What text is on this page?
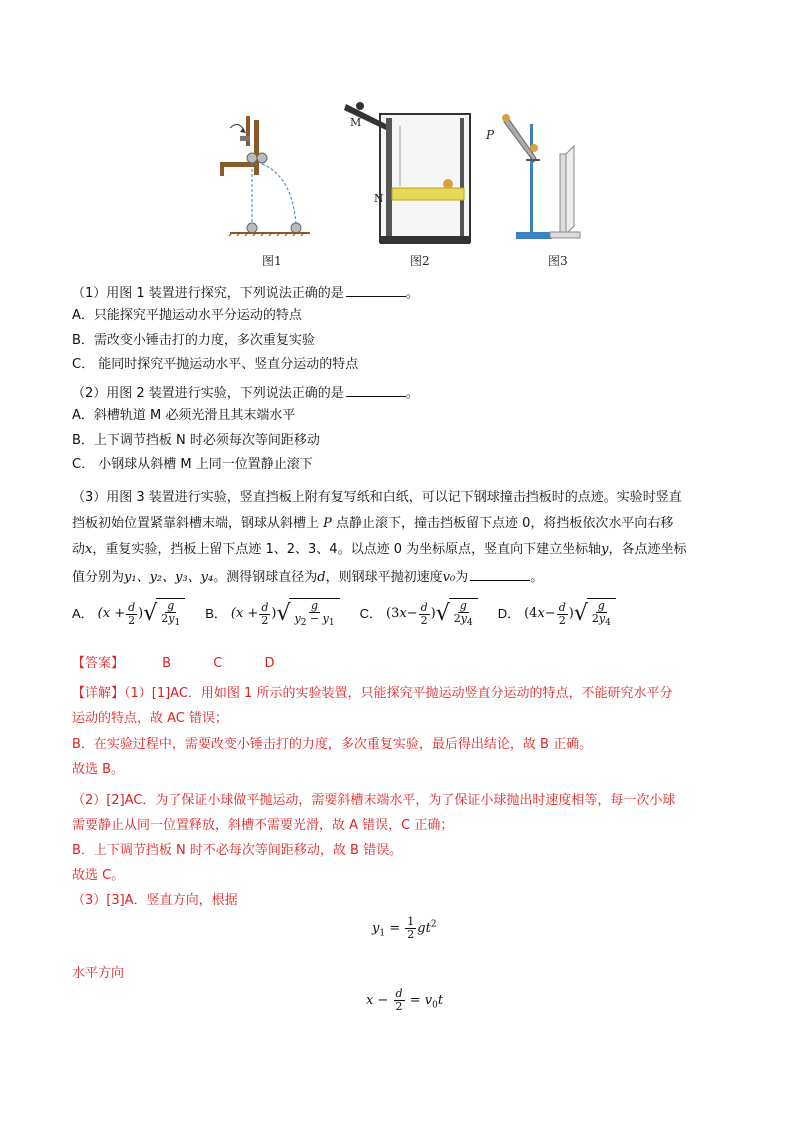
图1
M
N
图2
P
图3
（1）用图 1 装置进行探究，下列说法正确的是	。
A．只能探究平抛运动水平分运动的特点
B．需改变小锤击打的力度，多次重复实验
C． 能同时探究平抛运动水平、竖直分运动的特点
（2）用图 2 装置进行实验，下列说法正确的是	。
A．斜槽轨道 M 必须光滑且其末端水平
B．上下调节挡板 N 时必须每次等间距移动
C． 小钢球从斜槽 M 上同一位置静止滚下
（3）用图 3 装置进行实验，竖直挡板上附有复写纸和白纸，可以记下钢球撞击挡板时的点迹。实验时竖直
挡板初始位置紧靠斜槽末端，钢球从斜槽上 P 点静止滚下，撞击挡板留下点迹 0，将挡板依次水平向右移
动x，重复实验，挡板上留下点迹 1、2、3、4。以点迹 0 为坐标原点，竖直向下建立坐标轴y，各点迹坐标
值分别为y₁、y₂、y₃、y₄。测得钢球直径为d，则钢球平抛初速度v₀为	。
A． ($x + \frac{d}{2}$ ) √ $\frac{g}{2y_1}$ B． ($x + \frac{d}{2}$ ) √ $\frac{g}{y_2 - y_1}$ C． (3 $x - \frac{d}{2}$ ) √ $\frac{g}{2y_4}$ D． (4 $x - \frac{d}{2}$ ) √ $\frac{g}{2y_4}$
【答案】	B	C	D
【详解】（1）[1]AC．用如图 1 所示的实验装置，只能探究平抛运动竖直分运动的特点，不能研究水平分
运动的特点，故 AC 错误；
B．在实验过程中，需要改变小锤击打的力度，多次重复实验，最后得出结论，故 B 正确。
故选 B。
（2）[2]AC．为了保证小球做平抛运动，需要斜槽末端水平，为了保证小球抛出时速度相等，每一次小球
需要静止从同一位置释放，斜槽不需要光滑，故 A 错误，C 正确；
B．上下调节挡板 N 时不必每次等间距移动，故 B 错误。
故选 C。
（3）[3]A．竖直方向，根据
$y_1 = \frac{1}{2} gt^2$
水平方向
$x - \frac{d}{2} = v_0t$
